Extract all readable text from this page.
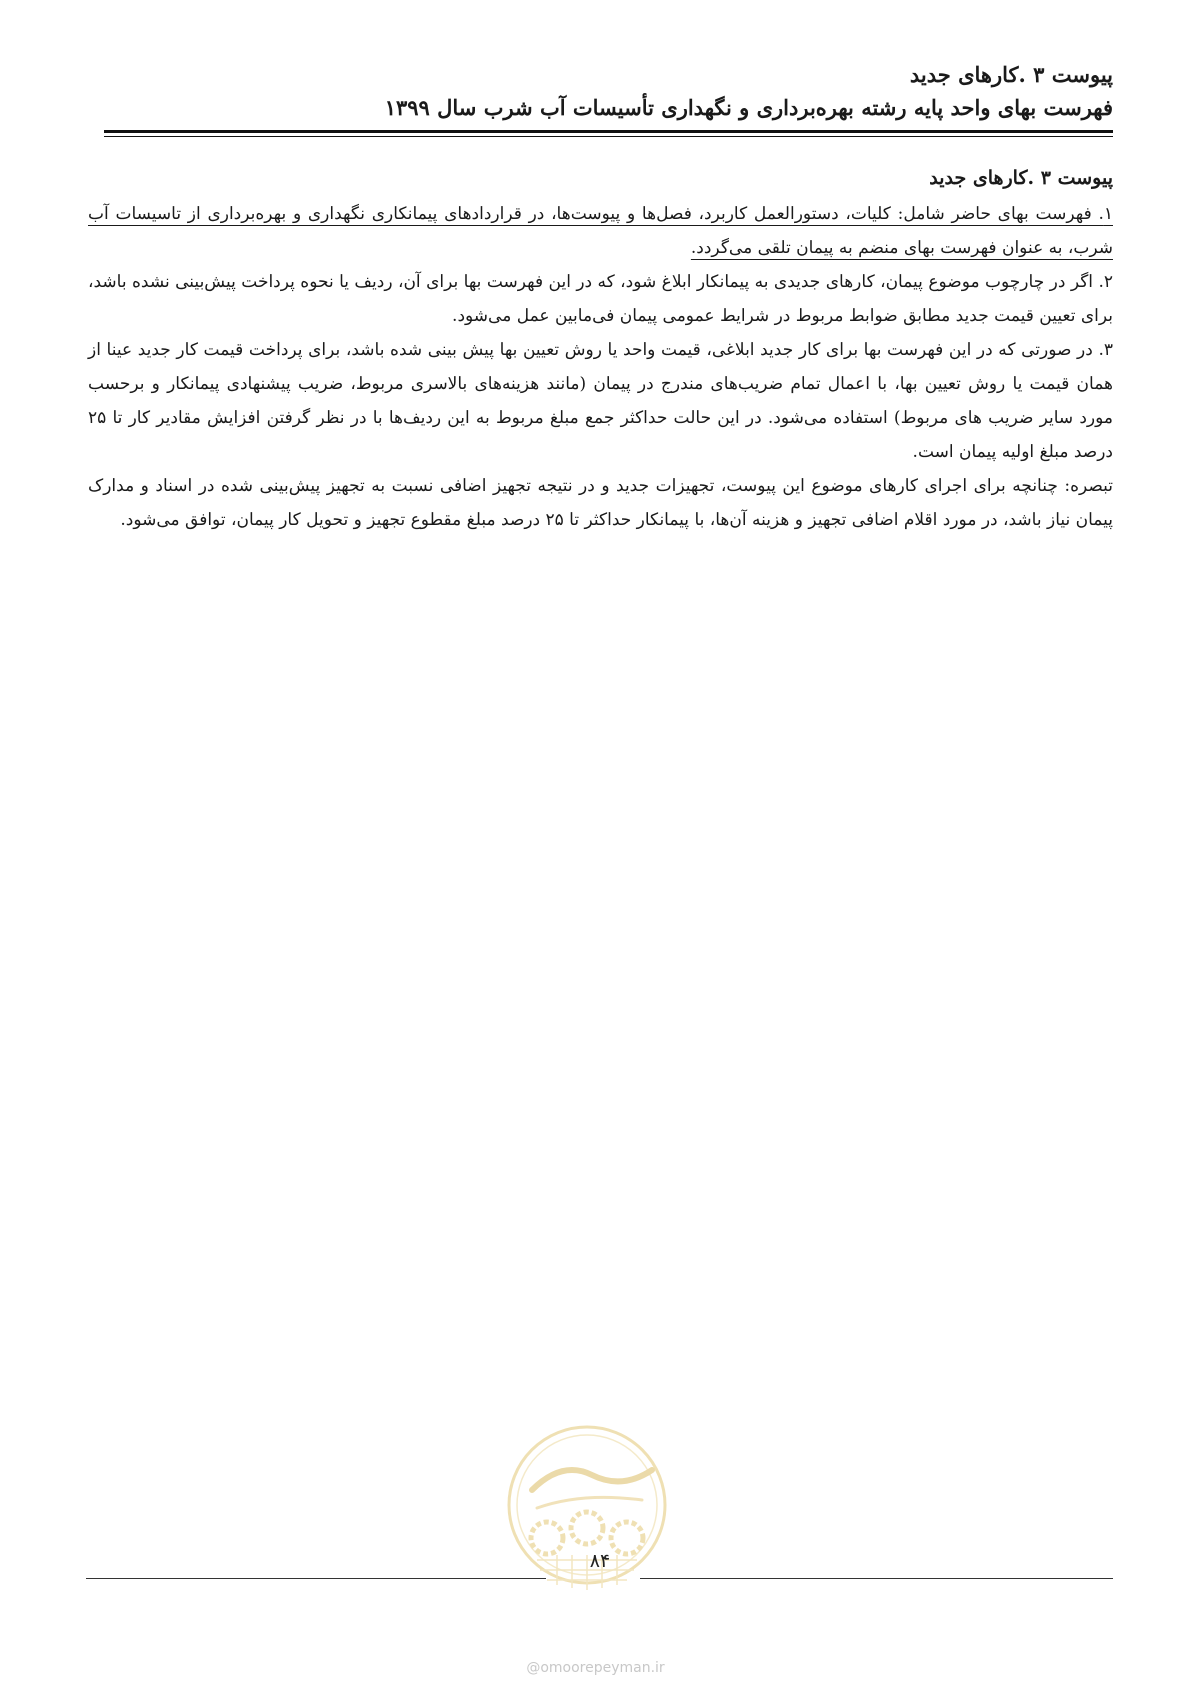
پیوست ۳ .کارهای جدید
فهرست بهای واحد پایه رشته بهره‌برداری و نگهداری تأسیسات آب شرب سال ۱۳۹۹
پیوست ۳ .کارهای جدید

۱. فهرست بهای حاضر شامل: کلیات، دستورالعمل کاربرد، فصل‌ها و پیوست‌ها، در قراردادهای پیمانکاری نگهداری و بهره‌برداری از تاسیسات آب شرب، به عنوان فهرست بهای منضم به پیمان تلقی می‌گردد.

۲. اگر در چارچوب موضوع پیمان، کارهای جدیدی به پیمانکار ابلاغ شود، که در این فهرست بها برای آن، ردیف یا نحوه پرداخت پیش‌بینی نشده باشد، برای تعیین قیمت جدید مطابق ضوابط مربوط در شرایط عمومی پیمان فی‌مابین عمل می‌شود.

۳. در صورتی که در این فهرست بها برای کار جدید ابلاغی، قیمت واحد یا روش تعیین بها پیش بینی شده باشد، برای پرداخت قیمت کار جدید عینا از همان قیمت یا روش تعیین بها، با اعمال تمام ضریب‌های مندرج در پیمان (مانند هزینه‌های بالاسری مربوط، ضریب پیشنهادی پیمانکار و برحسب مورد سایر ضریب های مربوط) استفاده می‌شود. در این حالت حداکثر جمع مبلغ مربوط به این ردیف‌ها با در نظر گرفتن افزایش مقادیر کار تا ۲۵ درصد مبلغ اولیه پیمان است.

تبصره: چنانچه برای اجرای کارهای موضوع این پیوست، تجهیزات جدید و در نتیجه تجهیز اضافی نسبت به تجهیز پیش‌بینی شده در اسناد و مدارک پیمان نیاز باشد، در مورد اقلام اضافی تجهیز و هزینه آن‌ها، با پیمانکار حداکثر تا ۲۵ درصد مبلغ مقطوع تجهیز و تحویل کار پیمان، توافق می‌شود.

@omoorepeyman.ir
۸۴
